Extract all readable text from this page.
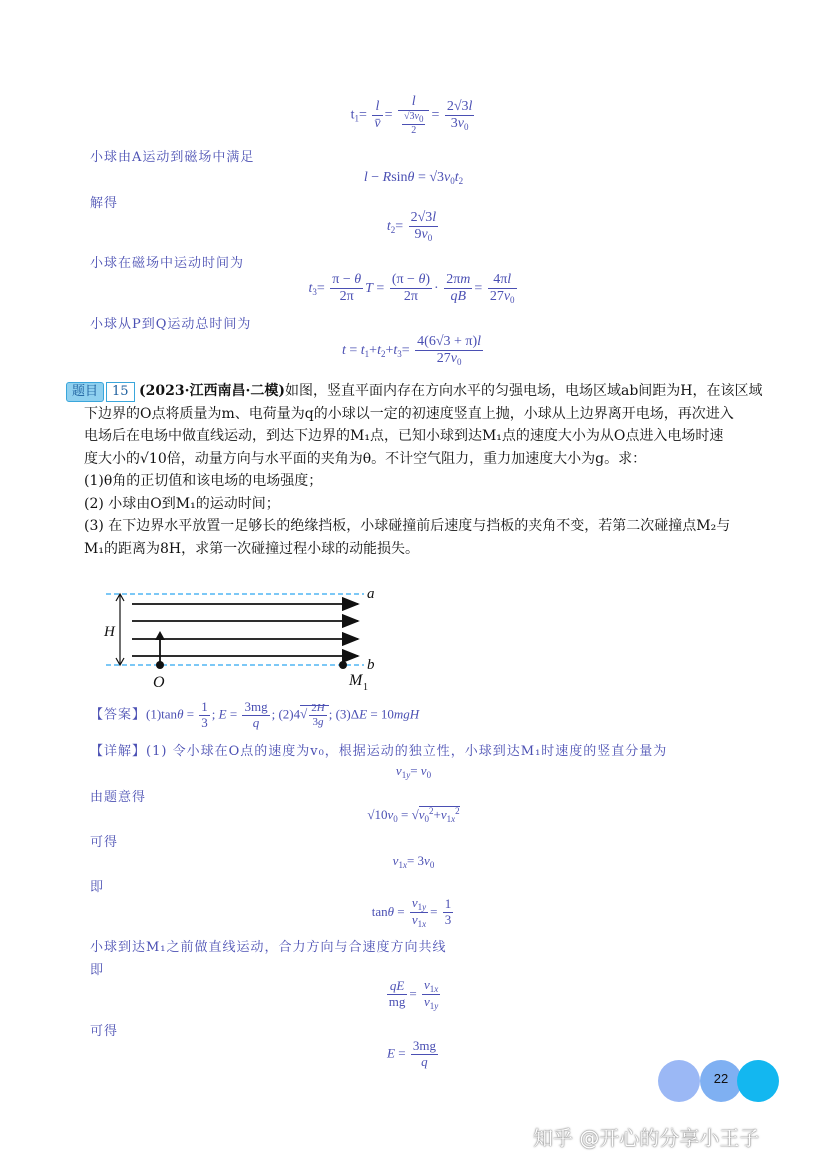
$t_1= \frac{l}{v̄} = \frac{l}{\frac{√3v0}{2}} = \frac{2√3l}{3v_0}$
小球由A运动到磁场中满足
$l - Rsin\theta = √3v_0t_2$
解得
$t_2= \frac{2√3l}{9v_0}$
小球在磁场中运动时间为
$t_3= \frac{\pi - \theta}{2\pi}$ $T = \frac{(\pi - \theta)}{2\pi} \cdot \frac{2\pi m}{qB} = \frac{4\pi l}{27v_0}$
小球从P到Q运动总时间为
$t = t_1+t_2+t_3= \frac{4(6√3 + \pi)l}{27v_0}$
题目 15 (2023·江西南昌·二模)如图，竖直平面内存在方向水平的匀强电场，电场区域ab间距为H，在该区域
下边界的O点将质量为m、电荷量为q的小球以一定的初速度竖直上抛，小球从上边界离开电场，再次进入
电场后在电场中做直线运动，到达下边界的M₁点，已知小球到达M₁点的速度大小为从O点进入电场时速
度大小的√10倍，动量方向与水平面的夹角为θ。不计空气阻力，重力加速度大小为g。求：
(1)θ角的正切值和该电场的电场强度；
(2) 小球由O到M₁的运动时间；
(3) 在下边界水平放置一足够长的绝缘挡板，小球碰撞前后速度与挡板的夹角不变，若第二次碰撞点M₂与
M₁的距离为8H，求第一次碰撞过程小球的动能损失。
H
a
b
O	M 1
【答案】$(1)\tan\theta = \frac{1}{3}$ ; $E = \frac{3mg}{q}$ ; $(2)4√ \frac{2H}{3g}$ ; (3)ΔE = 10mgH
【详解】(1) 令小球在O点的速度为v₀，根据运动的独立性，小球到达M₁时速度的竖直分量为
$v_{1y}= v_0$
由题意得
$√10v_0 = √v_0^2+v_{1x}^2$
可得
$v_{1x}= 3v_0$
即
$\tan\theta = \frac{v_{1y}}{v_{1x}} = \frac{1}{3}$
小球到达M₁之前做直线运动，合力方向与合速度方向共线
即
$\frac{qE}{mg} = \frac{v_{1x}}{v_{1y}}$
可得
$E = \frac{3mg}{q}$
22
知乎 @开心的分享小王子
